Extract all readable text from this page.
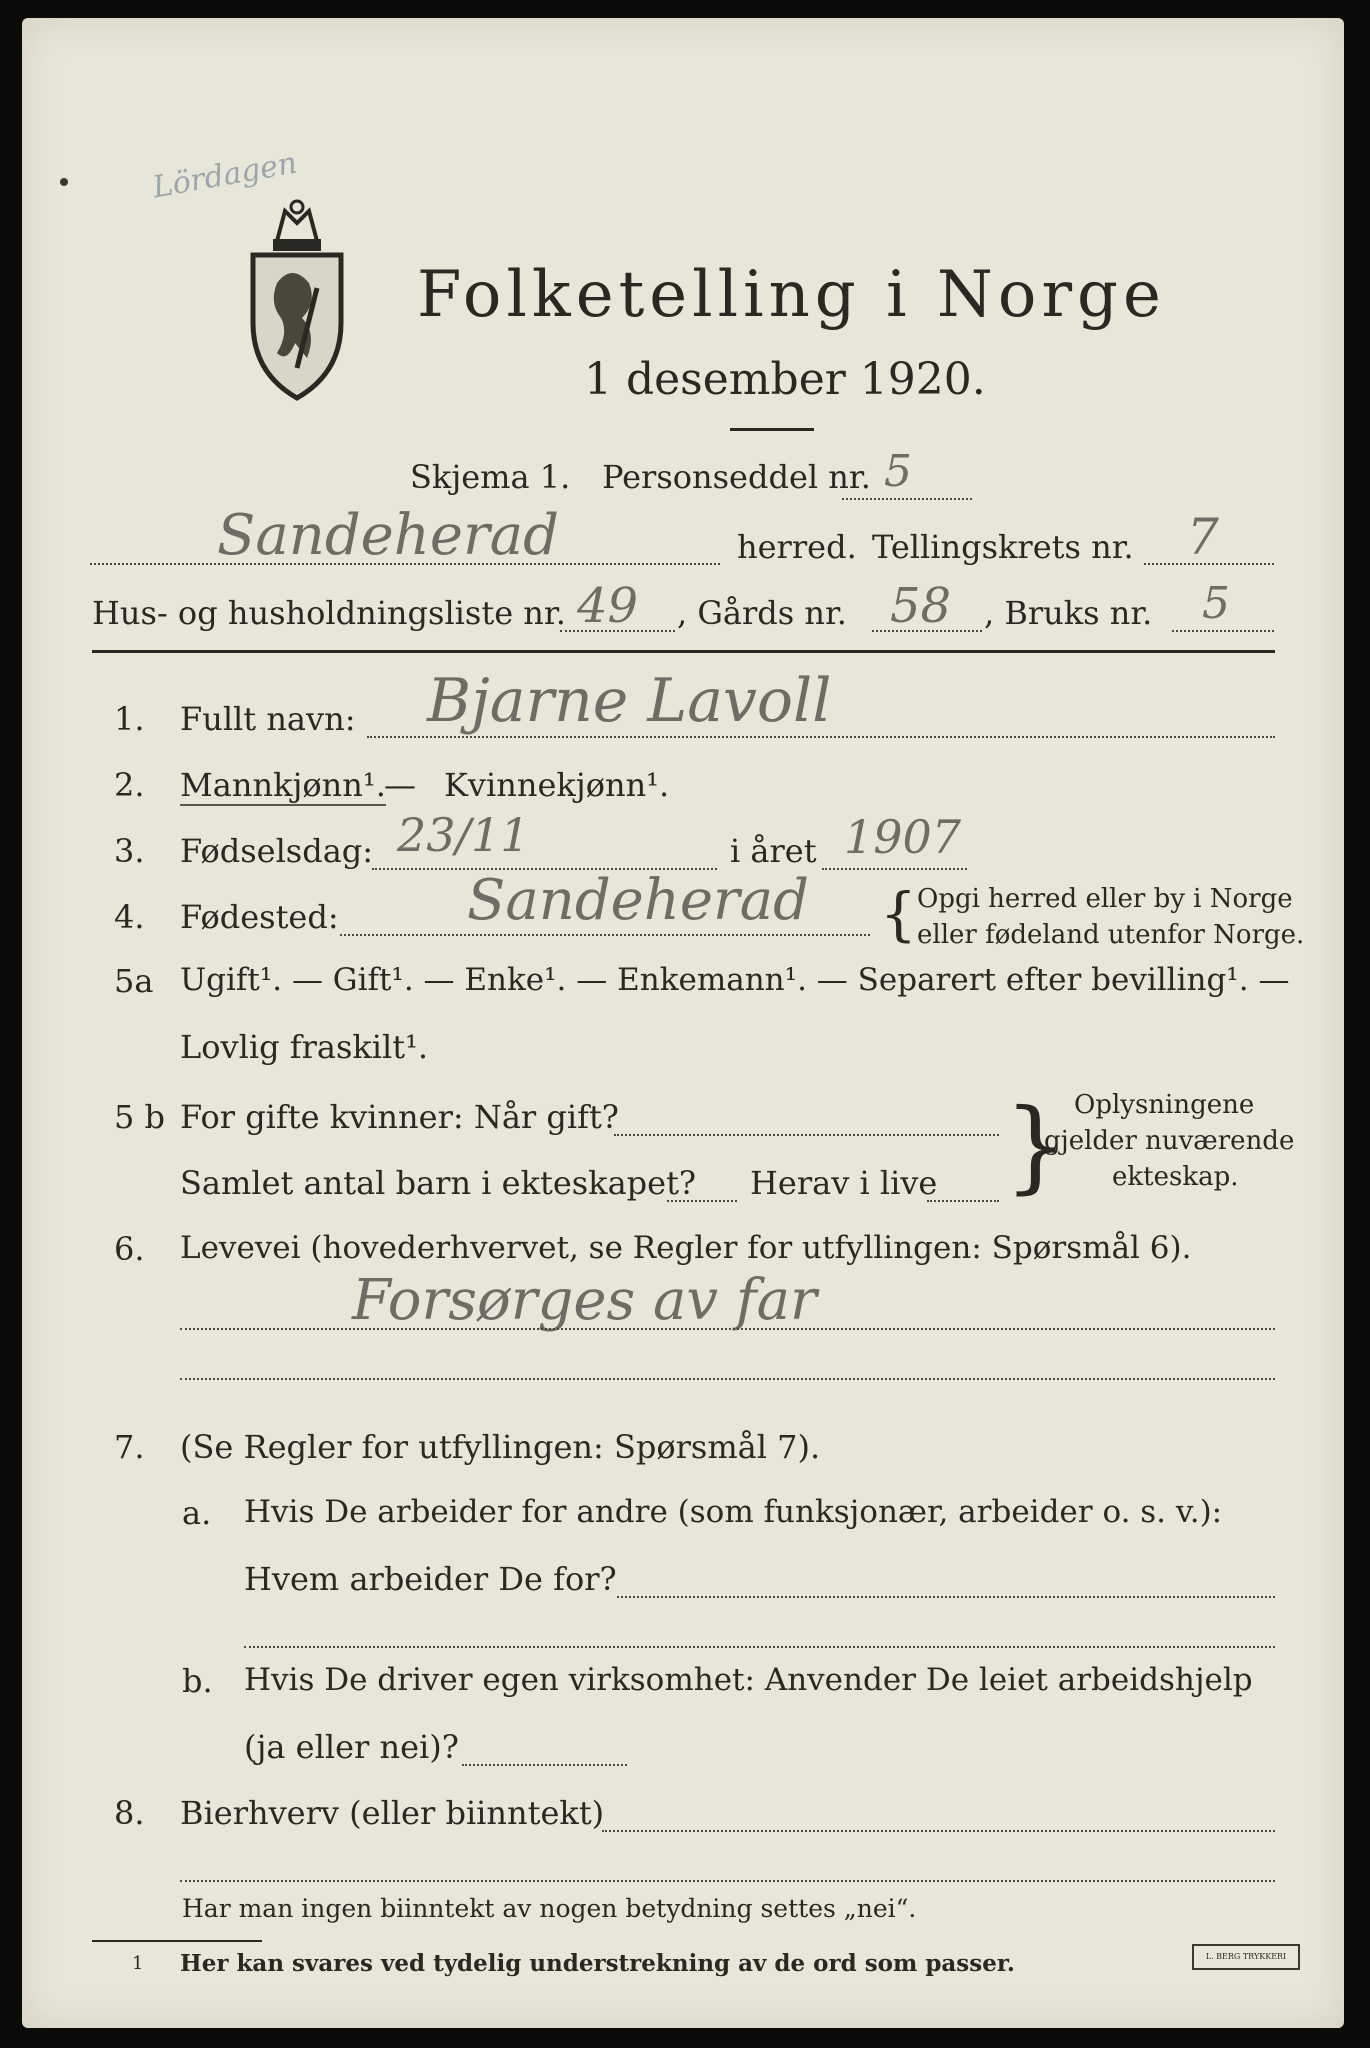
Lördagen
Folketelling i Norge
1 desember 1920.
Skjema 1. Personseddel nr. 5
Sandeherad	herred. Tellingskrets nr. 7
Hus- og husholdningsliste nr. 49 , Gårds nr. 58 , Bruks nr. 5
1. Fullt navn: Bjarne Lavoll
2. Mannkjønn¹.
— Kvinnekjønn¹.
3. Fødselsdag: 23/11	i året 1907
4. Fødested: Sandeherad { Opgi herred eller by i Norge
eller fødeland utenfor Norge.
5a Ugift¹. — Gift¹. — Enke¹. — Enkemann¹. — Separert efter bevilling¹. —
Lovlig fraskilt¹.
5 b For gifte kvinner: Når gift?
Samlet antal barn i ekteskapet? Herav i live } Oplysningene
gjelder nuværende
ekteskap.
6. Levevei (hovederhvervet, se Regler for utfyllingen: Spørsmål 6).
Forsørges av far
7. (Se Regler for utfyllingen: Spørsmål 7).
a. Hvis De arbeider for andre (som funksjonær, arbeider o. s. v.):
Hvem arbeider De for?
b. Hvis De driver egen virksomhet: Anvender De leiet arbeidshjelp
(ja eller nei)?
8. Bierhverv (eller biinntekt)
Har man ingen biinntekt av nogen betydning settes „nei“.
1 Her kan svares ved tydelig understrekning av de ord som passer.	L. BERG TRYKKERI
